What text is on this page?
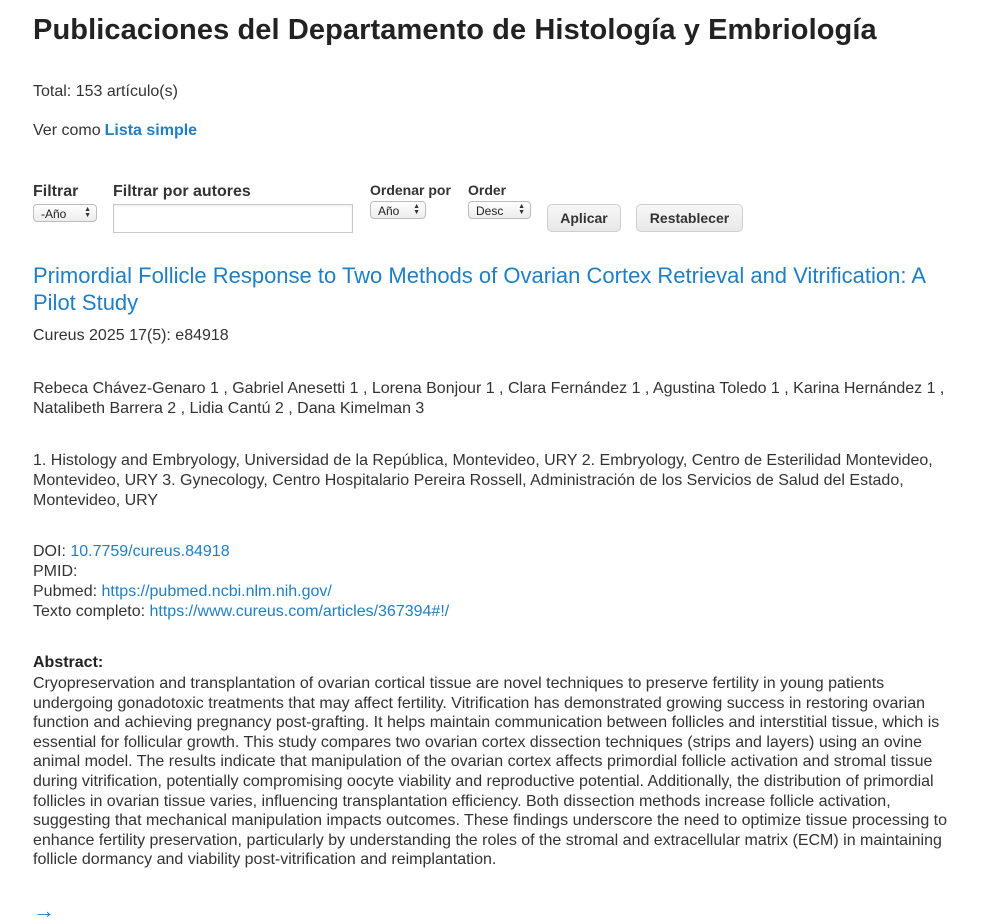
Publicaciones del Departamento de Histología y Embriología
Total: 153 artículo(s)
Ver como Lista simple
Filtrar
-Año	▲
▼
Filtrar por autores	Ordenar por
Año ▲
▼
Order
Desc ▲
▼	Aplicar	Restablecer
Primordial Follicle Response to Two Methods of Ovarian Cortex Retrieval and Vitrification: A Pilot Study
Cureus 2025 17(5): e84918
Rebeca Chávez-Genaro 1 , Gabriel Anesetti 1 , Lorena Bonjour 1 , Clara Fernández 1 , Agustina Toledo 1 , Karina Hernández 1 , Natalibeth Barrera 2 , Lidia Cantú 2 , Dana Kimelman 3
1. Histology and Embryology, Universidad de la República, Montevideo, URY 2. Embryology, Centro de Esterilidad Montevideo, Montevideo, URY 3. Gynecology, Centro Hospitalario Pereira Rossell, Administración de los Servicios de Salud del Estado, Montevideo, URY
DOI: 10.7759/cureus.84918
PMID:
Pubmed: https://pubmed.ncbi.nlm.nih.gov/
Texto completo: https://www.cureus.com/articles/367394#!/
Abstract:
Cryopreservation and transplantation of ovarian cortical tissue are novel techniques to preserve fertility in young patients undergoing gonadotoxic treatments that may affect fertility. Vitrification has demonstrated growing success in restoring ovarian function and achieving pregnancy post-grafting. It helps maintain communication between follicles and interstitial tissue, which is essential for follicular growth. This study compares two ovarian cortex dissection techniques (strips and layers) using an ovine animal model. The results indicate that manipulation of the ovarian cortex affects primordial follicle activation and stromal tissue during vitrification, potentially compromising oocyte viability and reproductive potential. Additionally, the distribution of primordial follicles in ovarian tissue varies, influencing transplantation efficiency. Both dissection methods increase follicle activation, suggesting that mechanical manipulation impacts outcomes. These findings underscore the need to optimize tissue processing to enhance fertility preservation, particularly by understanding the roles of the stromal and extracellular matrix (ECM) in maintaining follicle dormancy and viability post-vitrification and reimplantation.
→
